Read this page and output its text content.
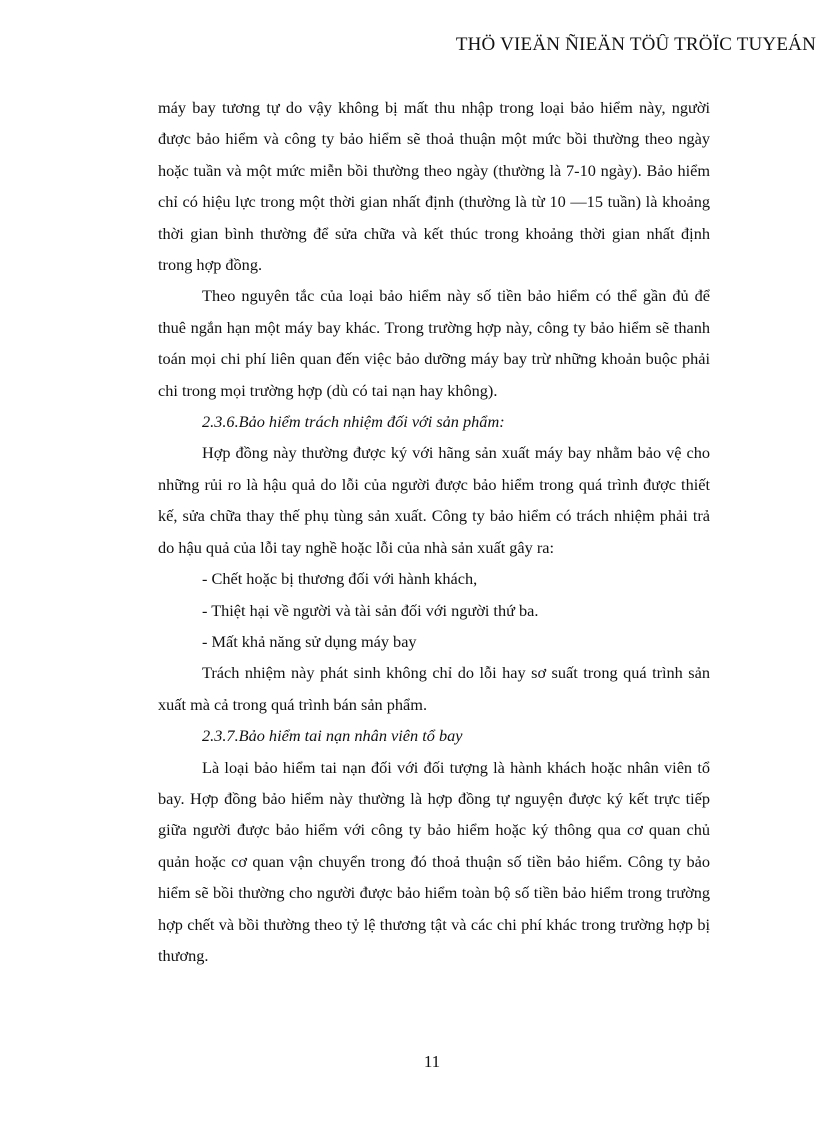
THÖ VIEÄN ÑIEÄN TÖÛ TRÖÏC TUYEÁN

máy bay tương tự do vậy không bị mất thu nhập trong loại bảo hiểm này, người được bảo hiểm và công ty bảo hiểm sẽ thoả thuận một mức bồi thường theo ngày hoặc tuần và một mức miễn bồi thường theo ngày (thường là 7-10 ngày). Bảo hiểm chỉ có hiệu lực trong một thời gian nhất định (thường là từ 10 —15 tuần) là khoảng thời gian bình thường để sửa chữa và kết thúc trong khoảng thời gian nhất định trong hợp đồng.

Theo nguyên tắc của loại bảo hiểm này số tiền bảo hiểm có thể gần đủ để thuê ngắn hạn một máy bay khác. Trong trường hợp này, công ty bảo hiểm sẽ thanh toán mọi chi phí liên quan đến việc bảo dưỡng máy bay trừ những khoản buộc phải chi trong mọi trường hợp (dù có tai nạn hay không).

2.3.6.Bảo hiểm trách nhiệm đối với sản phẩm:

Hợp đồng này thường được ký với hãng sản xuất máy bay nhằm bảo vệ cho những rủi ro là hậu quả do lỗi của người được bảo hiểm trong quá trình được thiết kế, sửa chữa thay thế phụ tùng sản xuất. Công ty bảo hiểm có trách nhiệm phải trả do hậu quả của lỗi tay nghề hoặc lỗi của nhà sản xuất gây ra:

- Chết hoặc bị thương đối với hành khách,

- Thiệt hại về người và tài sản đối với người thứ ba.

- Mất khả năng sử dụng máy bay

Trách nhiệm này phát sinh không chỉ do lỗi hay sơ suất trong quá trình sản xuất mà cả trong quá trình bán sản phẩm.

2.3.7.Bảo hiểm tai nạn nhân viên tổ bay

Là loại bảo hiểm tai nạn đối với đối tượng là hành khách hoặc nhân viên tổ bay. Hợp đồng bảo hiểm này thường là hợp đồng tự nguyện được ký kết trực tiếp giữa người được bảo hiểm với công ty bảo hiểm hoặc ký thông qua cơ quan chủ quản hoặc cơ quan vận chuyển trong đó thoả thuận số tiền bảo hiểm. Công ty bảo hiểm sẽ bồi thường cho người được bảo hiểm toàn bộ số tiền bảo hiểm trong trường hợp chết và bồi thường theo tỷ lệ thương tật và các chi phí khác trong trường hợp bị thương.

11
